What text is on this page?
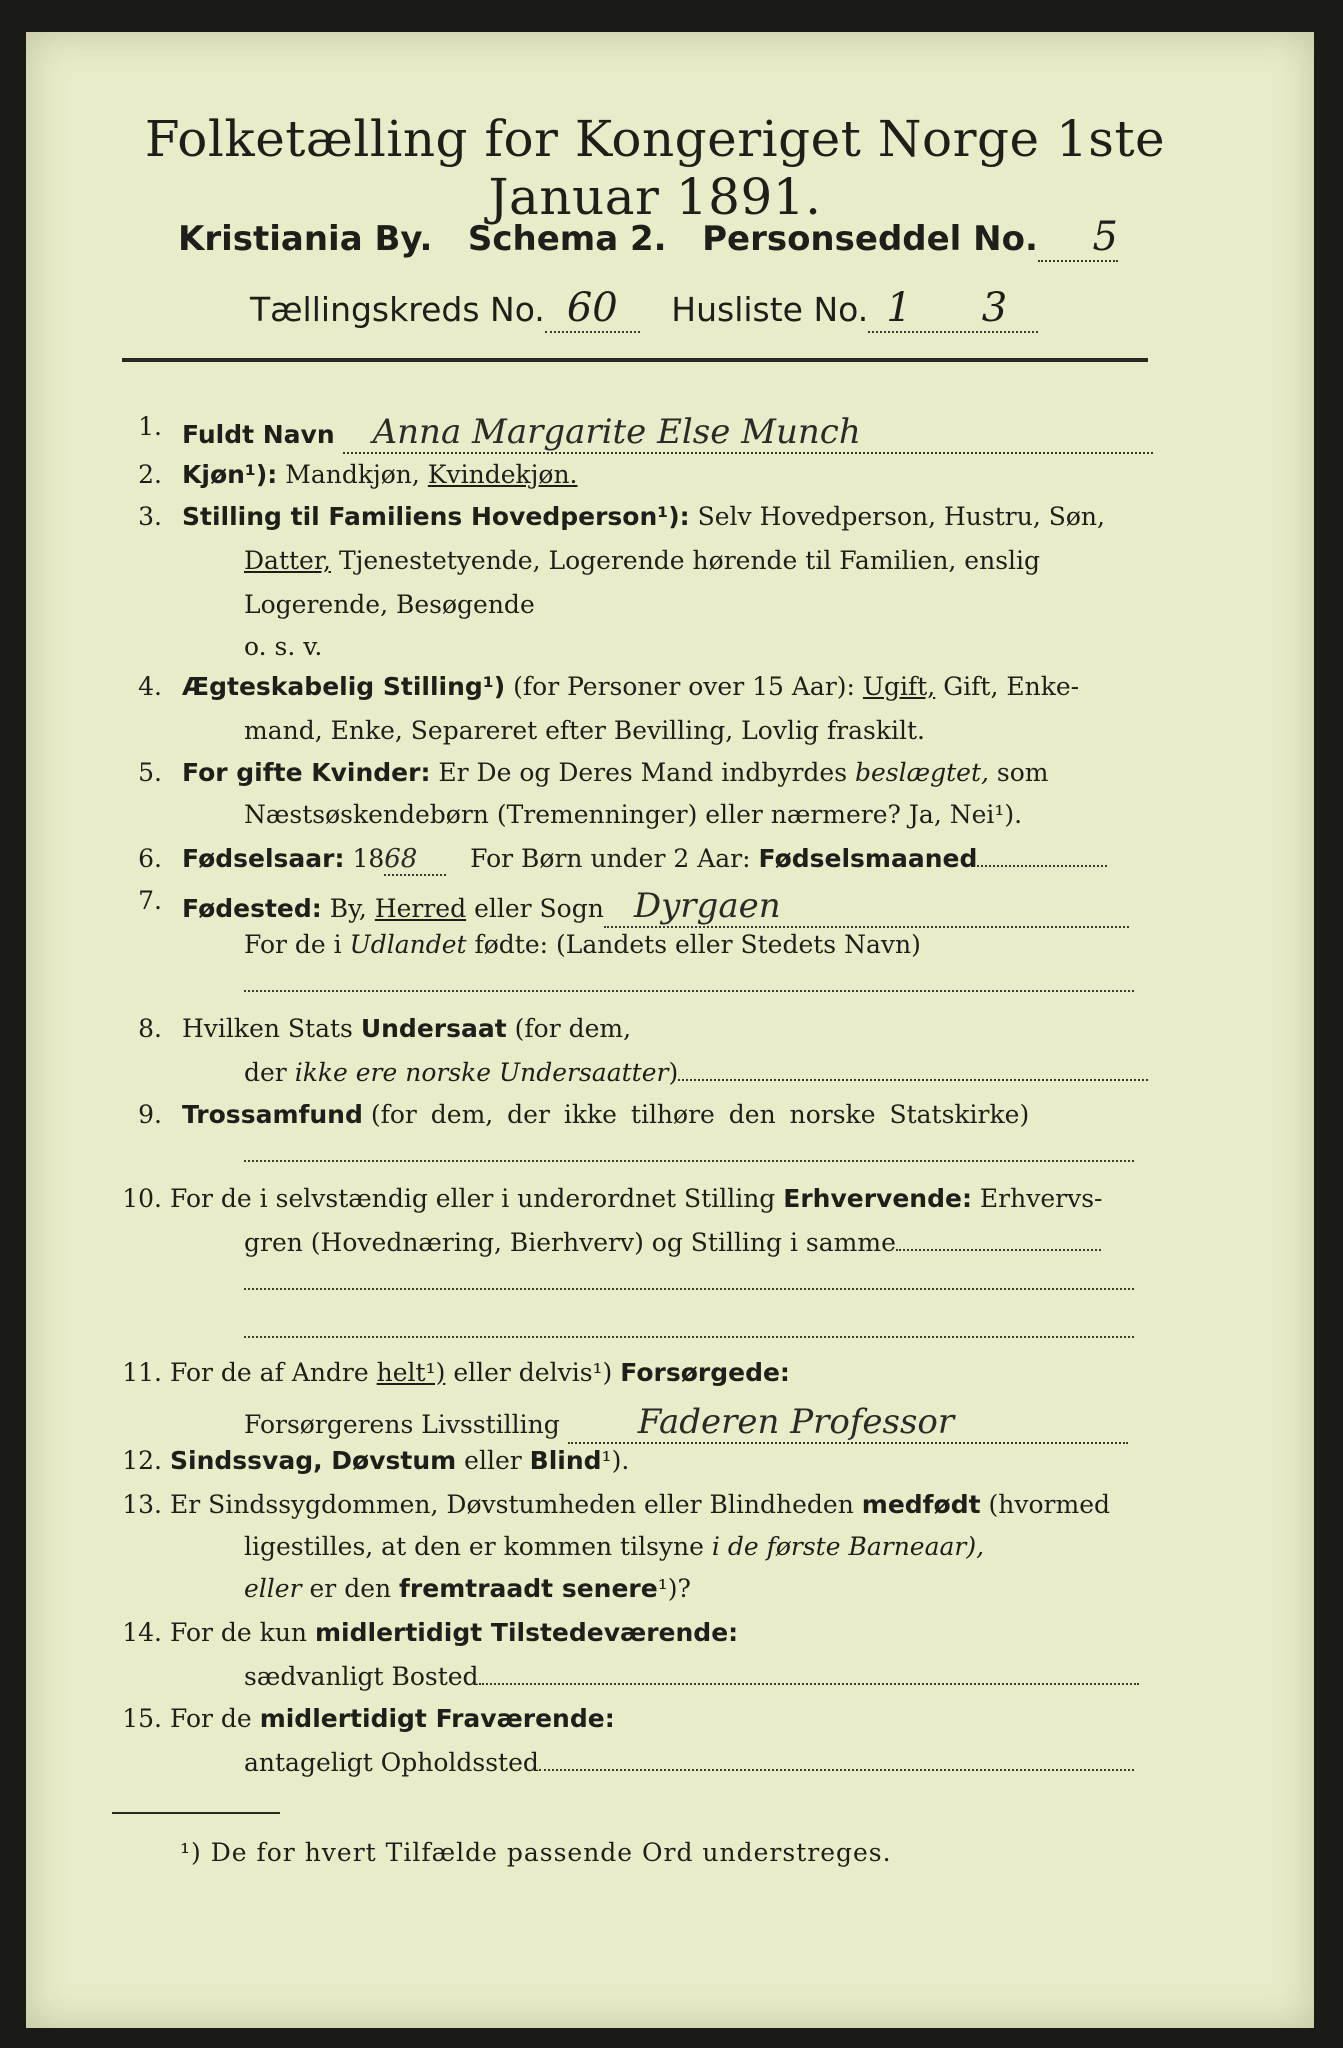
Folketælling for Kongeriget Norge 1ste Januar 1891.
Kristiania By. Schema 2. Personseddel No. 5
Tællingskreds No. 60 Husliste No. 1 3
1. Fuldt Navn Anna Margarite Else Munch
2. Kjøn¹): Mandkjøn, Kvindekjøn.
3. Stilling til Familiens Hovedperson¹): Selv Hovedperson, Hustru, Søn,
Datter, Tjenestetyende, Logerende hørende til Familien, enslig
Logerende, Besøgende
o. s. v.
4. Ægteskabelig Stilling¹) (for Personer over 15 Aar): Ugift, Gift, Enke-
mand, Enke, Separeret efter Bevilling, Lovlig fraskilt.
5. For gifte Kvinder: Er De og Deres Mand indbyrdes beslægtet, som
Næstsøskendebørn (Tremenninger) eller nærmere? Ja, Nei¹).
6. Fødselsaar: 1868 For Børn under 2 Aar: Fødselsmaaned
7. Fødested: By, Herred eller Sogn Dyrgaen
For de i Udlandet fødte: (Landets eller Stedets Navn)
8. Hvilken Stats Undersaat (for dem,
der ikke ere norske Undersaatter)
9. Trossamfund (for dem, der ikke tilhøre den norske Statskirke)
10. For de i selvstændig eller i underordnet Stilling Erhvervende: Erhvervs-
gren (Hovednæring, Bierhverv) og Stilling i samme
11. For de af Andre helt¹) eller delvis¹) Forsørgede:
Forsørgerens Livsstilling Faderen Professor
12. Sindssvag, Døvstum eller Blind¹).
13. Er Sindssygdommen, Døvstumheden eller Blindheden medfødt (hvormed
ligestilles, at den er kommen tilsyne i de første Barneaar),
eller er den fremtraadt senere¹)?
14. For de kun midlertidigt Tilstedeværende:
sædvanligt Bosted
15. For de midlertidigt Fraværende:
antageligt Opholdssted
¹) De for hvert Tilfælde passende Ord understreges.
